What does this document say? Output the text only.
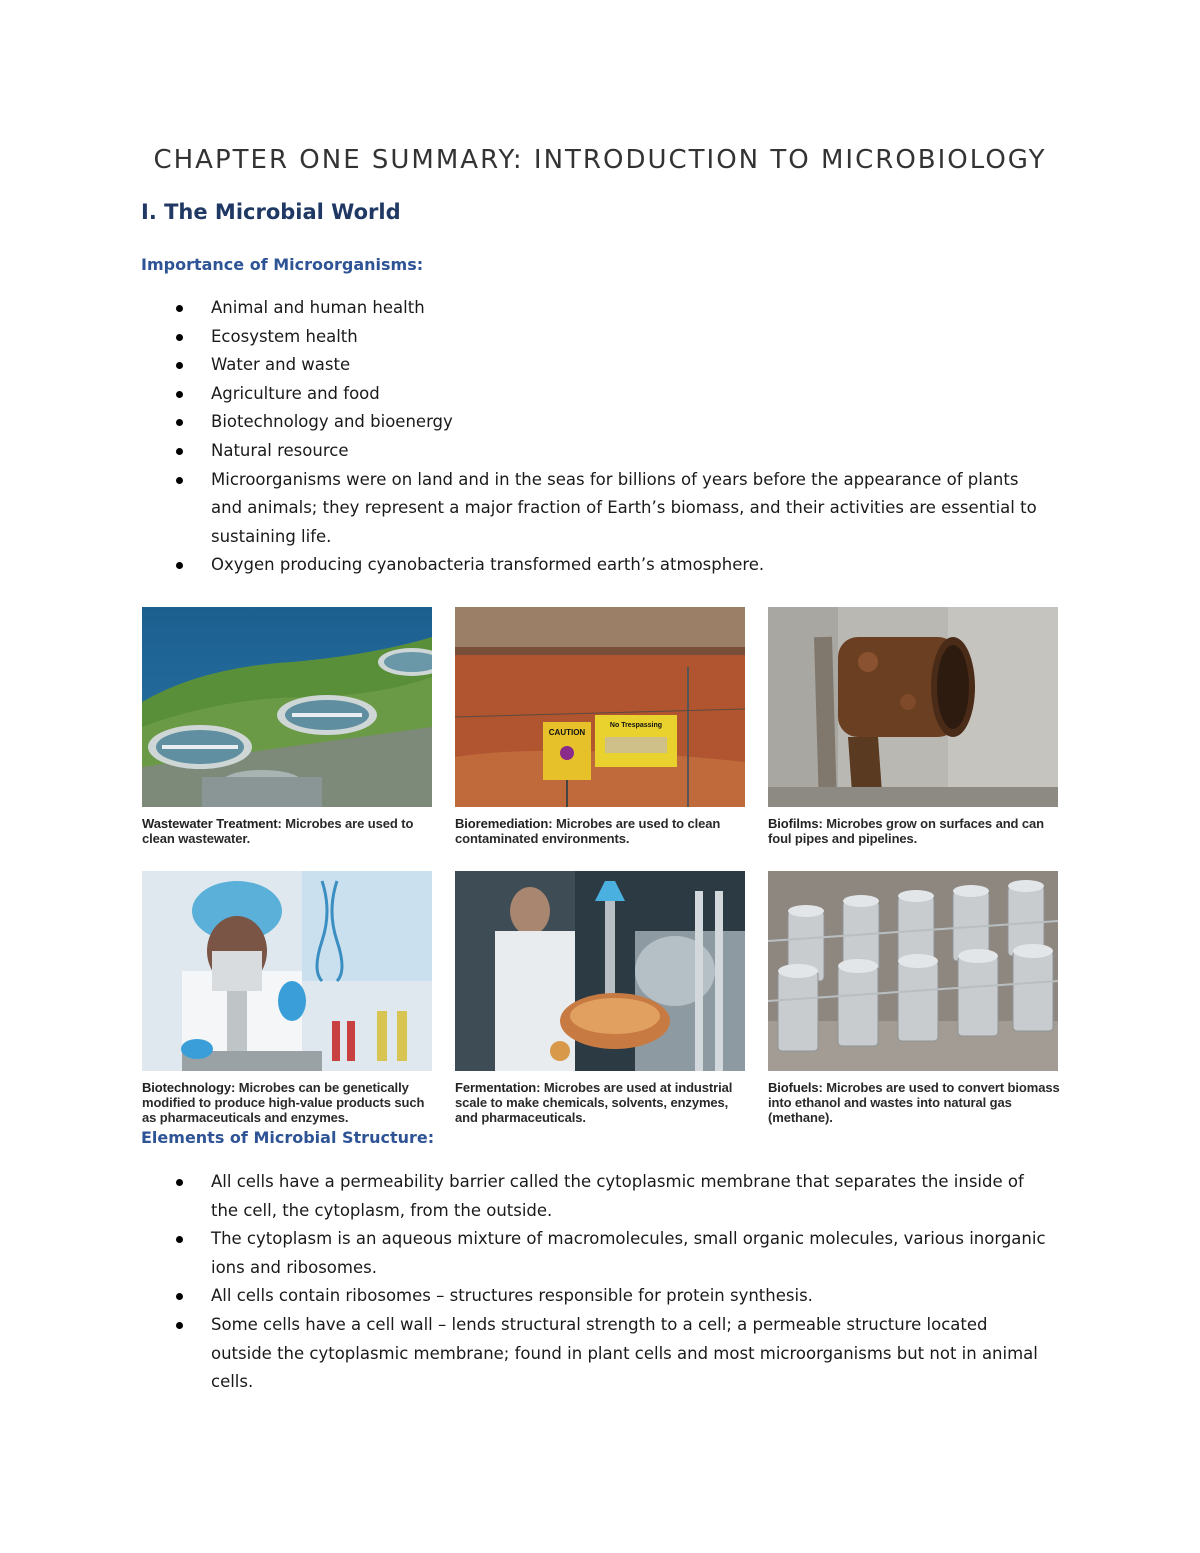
CHAPTER ONE SUMMARY: INTRODUCTION TO MICROBIOLOGY
I. The Microbial World
Importance of Microorganisms:
Animal and human health
Ecosystem health
Water and waste
Agriculture and food
Biotechnology and bioenergy
Natural resource
Microorganisms were on land and in the seas for billions of years before the appearance of plants and animals; they represent a major fraction of Earth’s biomass, and their activities are essential to sustaining life.
Oxygen producing cyanobacteria transformed earth’s atmosphere.
Wastewater Treatment: Microbes are used to clean wastewater.
CAUTION
No Trespassing
Bioremediation: Microbes are used to clean contaminated environments.
Biofilms: Microbes grow on surfaces and can foul pipes and pipelines.
Biotechnology: Microbes can be genetically modified to produce high-value products such as pharmaceuticals and enzymes.
Fermentation: Microbes are used at industrial scale to make chemicals, solvents, enzymes, and pharmaceuticals.
Biofuels: Microbes are used to convert biomass into ethanol and wastes into natural gas (methane).
Elements of Microbial Structure:
All cells have a permeability barrier called the cytoplasmic membrane that separates the inside of the cell, the cytoplasm, from the outside.
The cytoplasm is an aqueous mixture of macromolecules, small organic molecules, various inorganic ions and ribosomes.
All cells contain ribosomes – structures responsible for protein synthesis.
Some cells have a cell wall – lends structural strength to a cell; a permeable structure located outside the cytoplasmic membrane; found in plant cells and most microorganisms but not in animal cells.
